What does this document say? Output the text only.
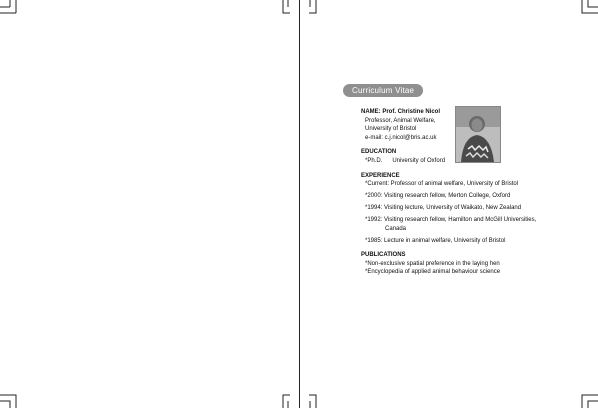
Curriculum Vitae
NAME: Prof. Christine Nicol
Professor, Animal Welfare,
University of Bristol
e-mail: c.j.nicol@bris.ac.uk
EDUCATION
*Ph.D. University of Oxford
EXPERIENCE
*Current: Professor of animal welfare, University of Bristol
*2000: Visiting research fellow, Merton College, Oxford
*1994: Visiting lecture, University of Waikato, New Zealand
*1992: Visiting research fellow, Hamilton and McGill Universities,
Canada
*1985: Lecture in animal welfare, University of Bristol
PUBLICATIONS
*Non-exclusive spatial preference in the laying hen
*Encyclopedia of applied animal behaviour science
